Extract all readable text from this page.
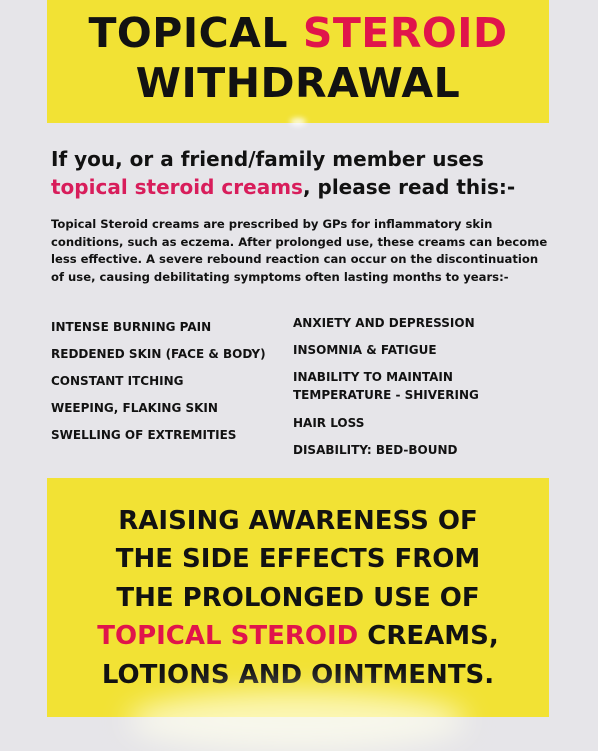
TOPICAL STEROID
WITHDRAWAL
If you, or a friend/family member uses
topical steroid creams, please read this:-
Topical Steroid creams are prescribed by GPs for inflammatory skin conditions, such as eczema. After prolonged use, these creams can become less effective. A severe rebound reaction can occur on the discontinuation of use, causing debilitating symptoms often lasting months to years:-
INTENSE BURNING PAIN
REDDENED SKIN (FACE & BODY)
CONSTANT ITCHING
WEEPING, FLAKING SKIN
SWELLING OF EXTREMITIES
ANXIETY AND DEPRESSION
INSOMNIA & FATIGUE
INABILITY TO MAINTAIN
TEMPERATURE - SHIVERING
HAIR LOSS
DISABILITY: BED-BOUND
RAISING AWARENESS OF
THE SIDE EFFECTS FROM
THE PROLONGED USE OF
TOPICAL STEROID CREAMS,
LOTIONS AND OINTMENTS.
